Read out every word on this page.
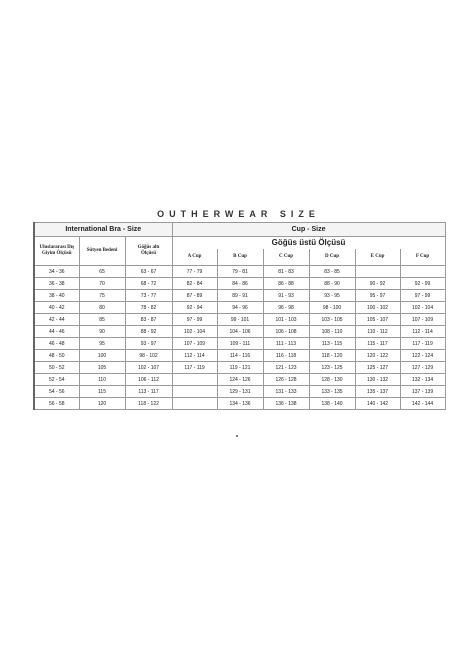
OUTHERWEAR SIZE
International Bra - Size			Cup - Size					

Uluslararası Dış Giyim Ölçüsü	Sütyen Bedeni	Göğüs altı Ölçüsü	Göğüs üstü Ölçüsü					
			A Cup	B Cup	C Cup	D Cup	E Cup	F Cup
34 - 36	65	63 - 67	77 - 79	79 - 81	81 - 83	83 - 85		
36 - 38	70	68 - 72	82 - 84	84 - 86	86 - 88	88 - 90	90 - 92	92 - 99
38 - 40	75	73 - 77	87 - 89	89 - 91	91 - 93	93 - 95	95 - 97	97 - 99
40 - 42	80	78 - 82	92 - 94	94 - 96	96 - 98	98 - 100	100 - 102	102 - 104
42 - 44	85	83 - 87	97 - 99	99 - 101	101 - 103	103 - 105	105 - 107	107 - 109
44 - 46	90	88 - 92	102 - 104	104 - 106	106 - 108	108 - 110	110 - 112	112 - 114
46 - 48	95	93 - 97	107 - 109	109 - 111	111 - 113	113 - 115	115 - 117	117 - 119
48 - 50	100	98 - 102	112 - 114	114 - 116	116 - 118	118 - 120	120 - 122	122 - 124
50 - 52	105	102 - 107	117 - 119	119 - 121	121 - 123	123 - 125	125 - 127	127 - 129
52 - 54	110	106 - 112		124 - 126	126 - 128	128 - 130	130 - 132	132 - 134
54 - 56	115	113 - 117		129 - 131	131 - 133	133 - 135	135 - 137	137 - 139
56 - 58	120	118 - 122		134 - 136	136 - 138	138 - 140	140 - 142	142 - 144
